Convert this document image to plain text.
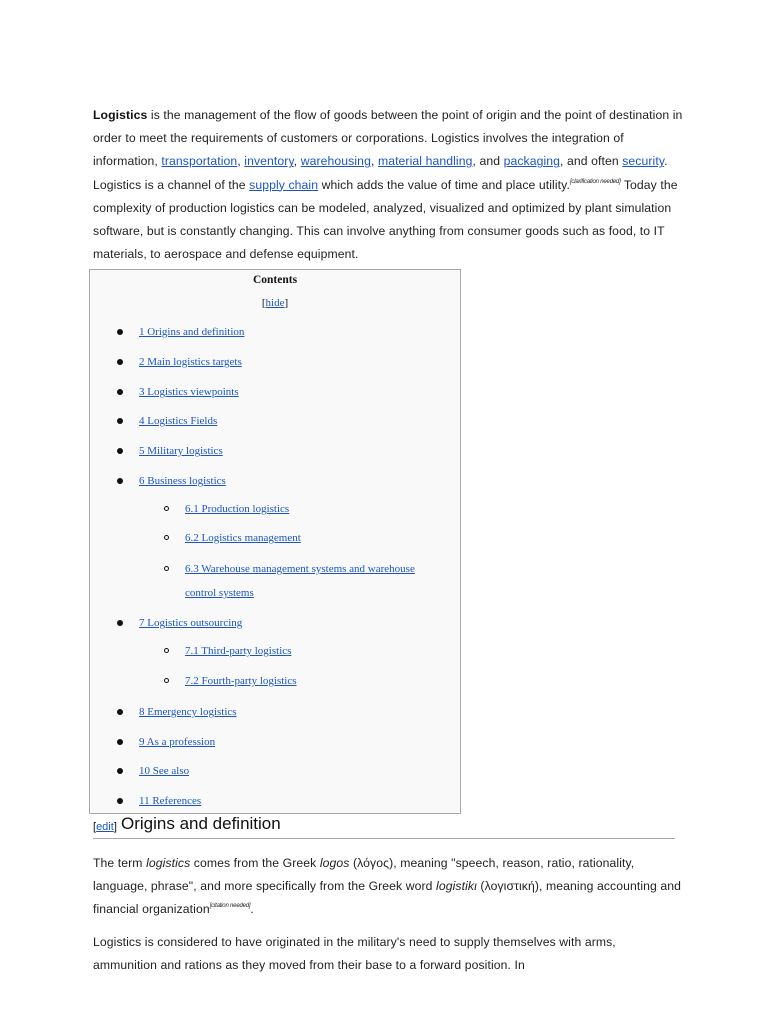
Logistics is the management of the flow of goods between the point of origin and the point of destination in order to meet the requirements of customers or corporations. Logistics involves the integration of information, transportation, inventory, warehousing, material handling, and packaging, and often security. Logistics is a channel of the supply chain which adds the value of time and place utility.[clarification needed] Today the complexity of production logistics can be modeled, analyzed, visualized and optimized by plant simulation software, but is constantly changing. This can involve anything from consumer goods such as food, to IT materials, to aerospace and defense equipment.
Contents
[hide]
1 Origins and definition
2 Main logistics targets
3 Logistics viewpoints
4 Logistics Fields
5 Military logistics
6 Business logistics
6.1 Production logistics
6.2 Logistics management
6.3 Warehouse management systems and warehouse
control systems
7 Logistics outsourcing
7.1 Third-party logistics
7.2 Fourth-party logistics
8 Emergency logistics
9 As a profession
10 See also
11 References
[edit] Origins and definition
The term logistics comes from the Greek logos (λόγος), meaning "speech, reason, ratio, rationality, language, phrase", and more specifically from the Greek word logistikι (λογιστική), meaning accounting and financial organization[citation needed].
Logistics is considered to have originated in the military's need to supply themselves with arms, ammunition and rations as they moved from their base to a forward position. In
